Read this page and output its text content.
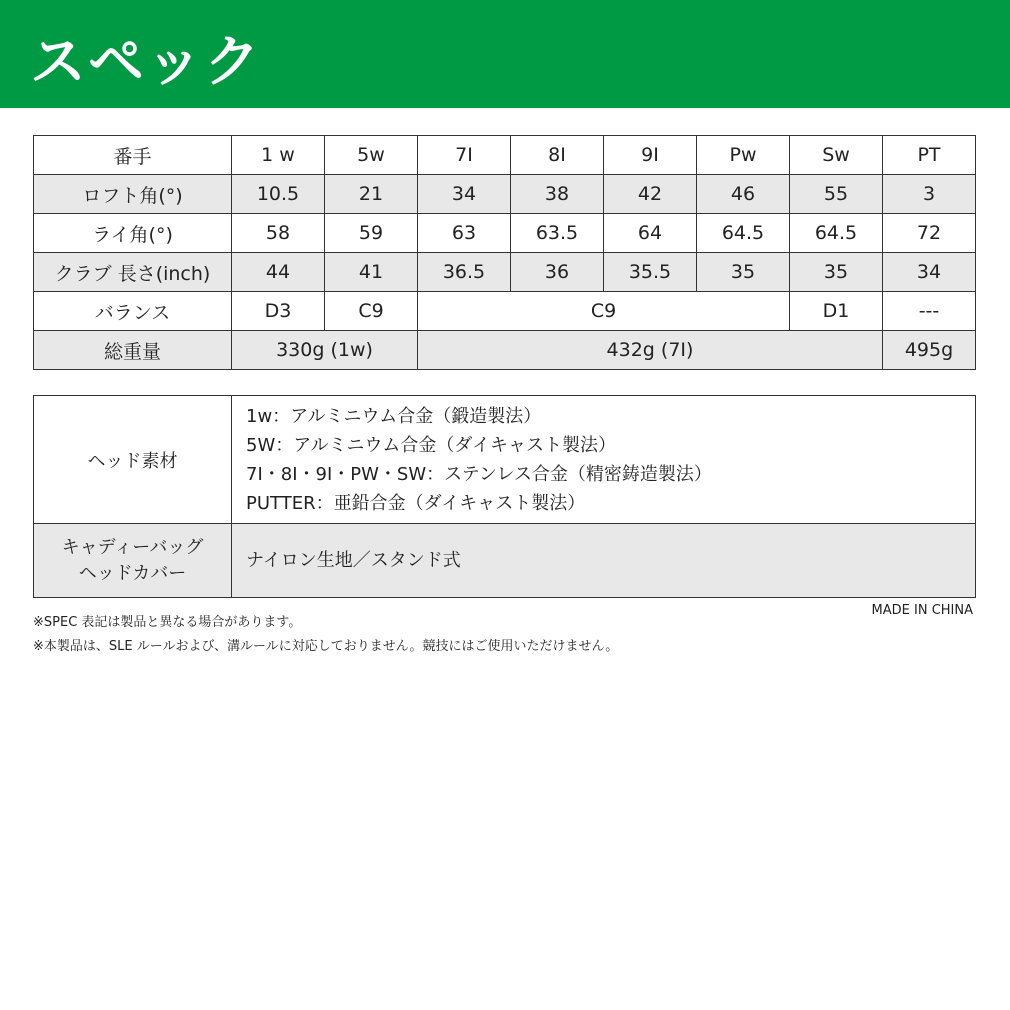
スペック
番手	1 w	5w	7I	8I	9I	Pw	Sw	PT
ロフト角(°)	10.5	21	34	38	42	46	55	3
ライ角(°)	58	59	63	63.5	64	64.5	64.5	72
クラブ 長さ(inch)	44	41	36.5	36	35.5	35	35	34
バランス	D3	C9	C9				D1	---
総重量	330g (1w)		432g (7I)					495g
ヘッド素材	1w：アルミニウム合金（鍛造製法）
5W：アルミニウム合金（ダイキャスト製法）
7I・8I・9I・PW・SW：ステンレス合金（精密鋳造製法）
PUTTER：亜鉛合金（ダイキャスト製法）

キャディーバッグ
ヘッドカバー	ナイロン生地／スタンド式
MADE IN CHINA
※SPEC 表記は製品と異なる場合があります。
※本製品は、SLE ルールおよび、溝ルールに対応しておりません。競技にはご使用いただけません。
